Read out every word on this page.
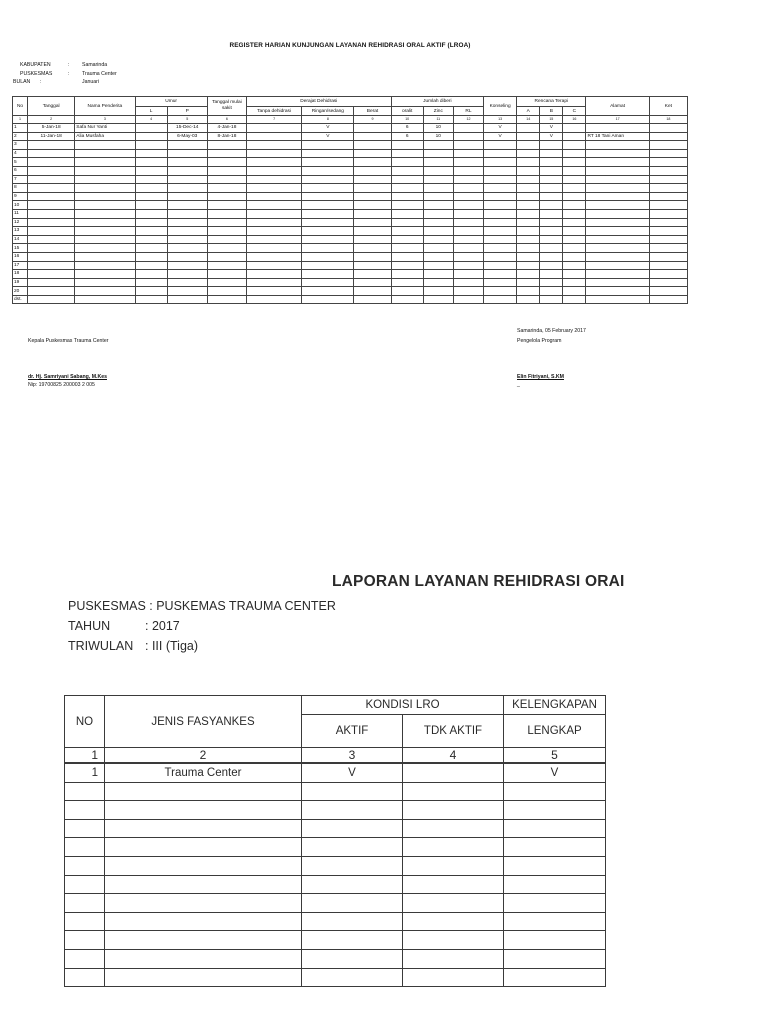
REGISTER HARIAN KUNJUNGAN LAYANAN REHIDRASI ORAL AKTIF (LROA)
KABUPATEN	: Samarinda
PUSKESMAS	: Trauma Center
BULAN :	Januari
No	Tanggal	Nama Penderita	Umur		Tanggal mulai sakit	Derajat Dehidrasi			Jumlah diberi			Konseling	Rencana Terapi			Alamat	Ket
			L	P		Tanpa dehidrasi	Ringan/sedang	Berat	oralit	Zinc	RL		A	B	C		
1	2	3	4	5	6	7	8	9	10	11	12	13	14	15	16	17	18
1	5-Jan-18	Safa Nur Yanti		15-Dec-14	4-Jan-18		V		6	10		V		V			
2	11-Jan-18	Alia Musfaha		6-May-03	8-Jan-18		V		6	10		V		V		RT 18 Tani Aman	
3																	
4																	
5																	
6																	
7																	
8																	
9																	
10																	
11																	
12																	
13																	
14																	
15																	
16																	
17																	
18																	
19																	
20																	
dst.																	
Samarinda, 05 February 2017
Kepala Puskesmas Trauma Center	Pengelola Program
dr. Hj. Samriyani Sabang, M.Kes
Nip: 19700825 200003 2 005
Elin Fitriyani, S.KM
_
LAPORAN LAYANAN REHIDRASI ORAI
PUSKESMAS : PUSKEMAS TRAUMA CENTER
TAHUN	: 2017
TRIWULAN : III (Tiga)
NO	JENIS FASYANKES	KONDISI LRO		KELENGKAPAN
		AKTIF	TDK AKTIF	LENGKAP
1	2	3	4	5
1	Trauma Center	V		V
